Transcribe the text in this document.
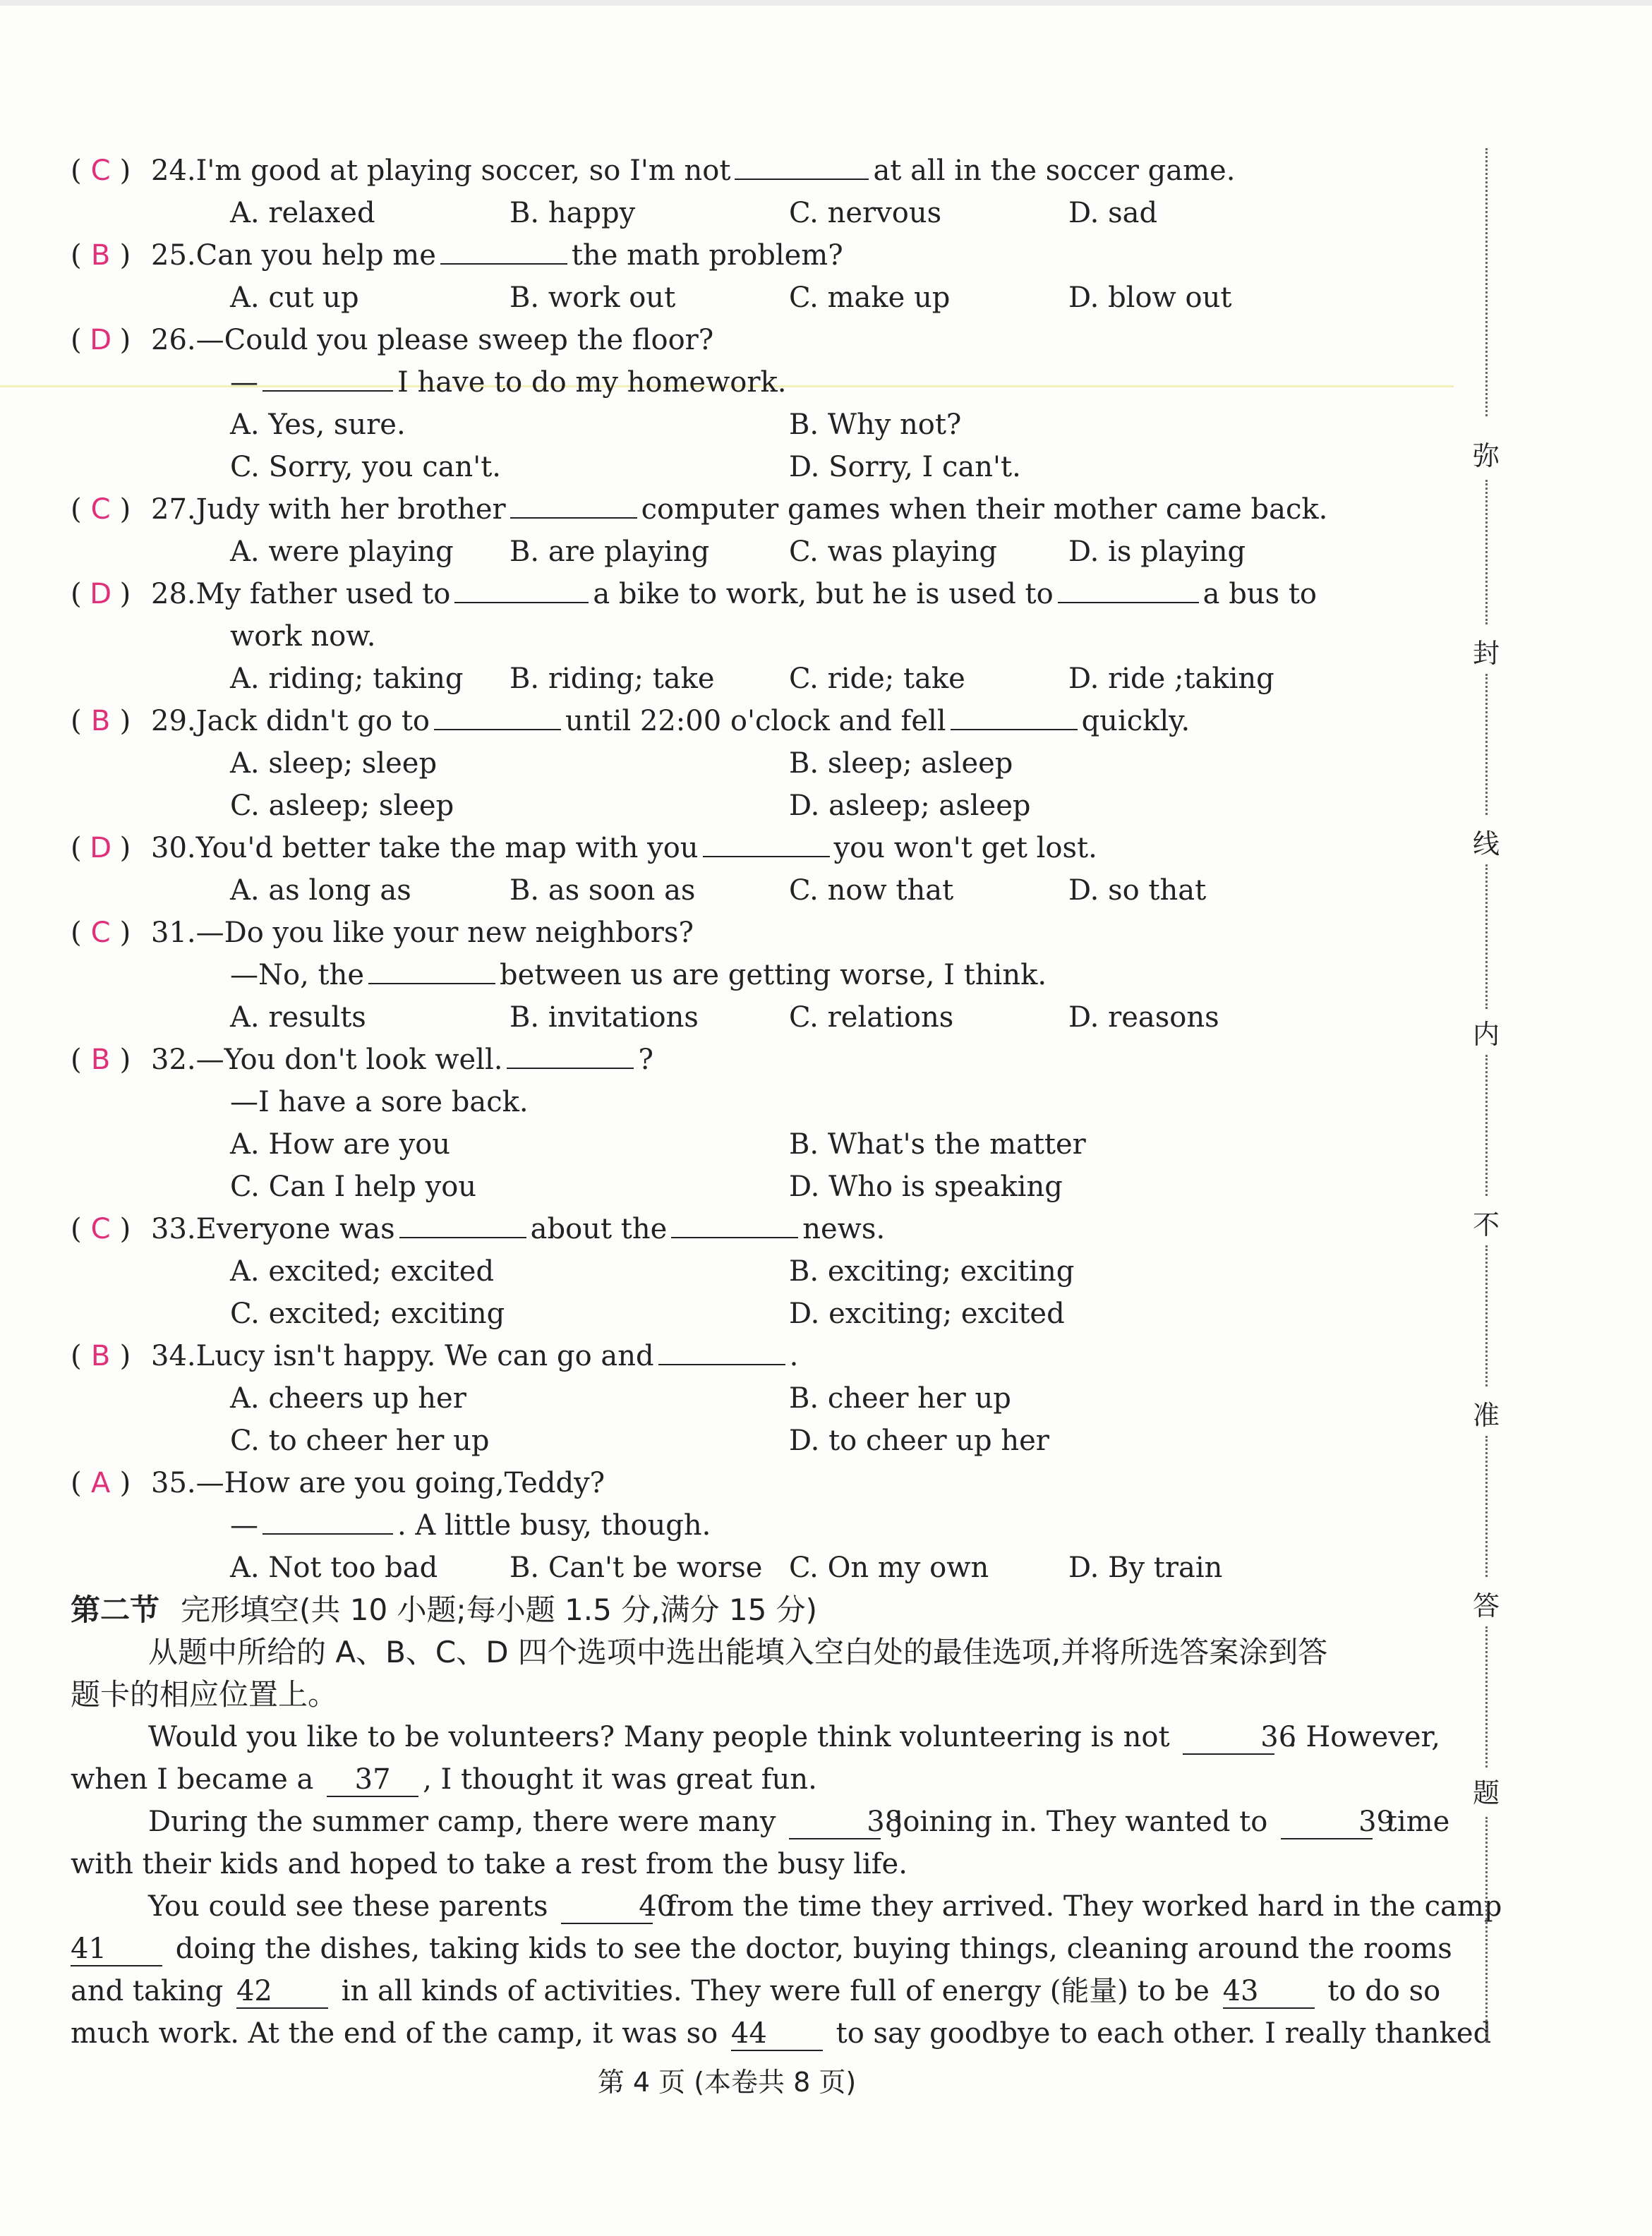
( C ) 24.I'm good at playing soccer, so I'm not	at all in the soccer game.
A. relaxed	B. happy	C. nervous	D. sad
( B ) 25.Can you help me	the math problem?
A. cut up	B. work out	C. make up	D. blow out
( D ) 26.—Could you please sweep the floor?
—	I have to do my homework.
A. Yes, sure.	B. Why not?
C. Sorry, you can't.	D. Sorry, I can't.
( C ) 27.Judy with her brother	computer games when their mother came back.
A. were playing B. are playing	C. was playing	D. is playing
( D ) 28.My father used to	a bike to work, but he is used to	a bus to
work now.
A. riding; taking B. riding; take	C. ride; take	D. ride ;taking
( B ) 29.Jack didn't go to	until 22:00 o'clock and fell	quickly.
A. sleep; sleep	B. sleep; asleep
C. asleep; sleep	D. asleep; asleep
( D ) 30.You'd better take the map with you	you won't get lost.
A. as long as	B. as soon as	C. now that	D. so that
( C ) 31.—Do you like your new neighbors?
—No, the	between us are getting worse, I think.
A. results	B. invitations	C. relations	D. reasons
( B ) 32.—You don't look well.	?
—I have a sore back.
A. How are you	B. What's the matter
C. Can I help you	D. Who is speaking
( C ) 33.Everyone was	about the	news.
A. excited; excited	B. exciting; exciting
C. excited; exciting	D. exciting; excited
( B ) 34.Lucy isn't happy. We can go and	.
A. cheers up her	B. cheer her up
C. to cheer her up	D. to cheer up her
( A ) 35.—How are you going,Teddy?
—	. A little busy, though.
A. Not too bad	B. Can't be worse C. On my own	D. By train
第二节 完形填空(共 10 小题;每小题 1.5 分,满分 15 分)
从题中所给的 A、B、C、D 四个选项中选出能填入空白处的最佳选项,并将所选答案涂到答
题卡的相应位置上。
Would you like to be volunteers? Many people think volunteering is not	36 . However,
when I became a 37 , I thought it was great fun.
During the summer camp, there were many	38 joining in. They wanted to	39 time
with their kids and hoped to take a rest from the busy life.
You could see these parents	40 from the time they arrived. They worked hard in the camp
41 doing the dishes, taking kids to see the doctor, buying things, cleaning around the rooms
and taking 42 in all kinds of activities. They were full of energy (能量) to be 43 to do so
much work. At the end of the camp, it was so 44 to say goodbye to each other. I really thanked
第 4 页 (本卷共 8 页)
弥
封
线
内
不
准
答
题
